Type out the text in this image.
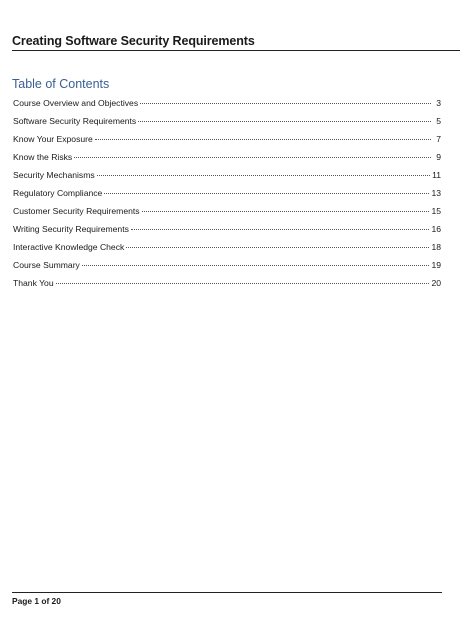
Creating Software Security Requirements
Table of Contents
Course Overview and Objectives	3
Software Security Requirements	5
Know Your Exposure	7
Know the Risks	9
Security Mechanisms	11
Regulatory Compliance	13
Customer Security Requirements	15
Writing Security Requirements	16
Interactive Knowledge Check	18
Course Summary	19
Thank You	20
Page 1 of 20
